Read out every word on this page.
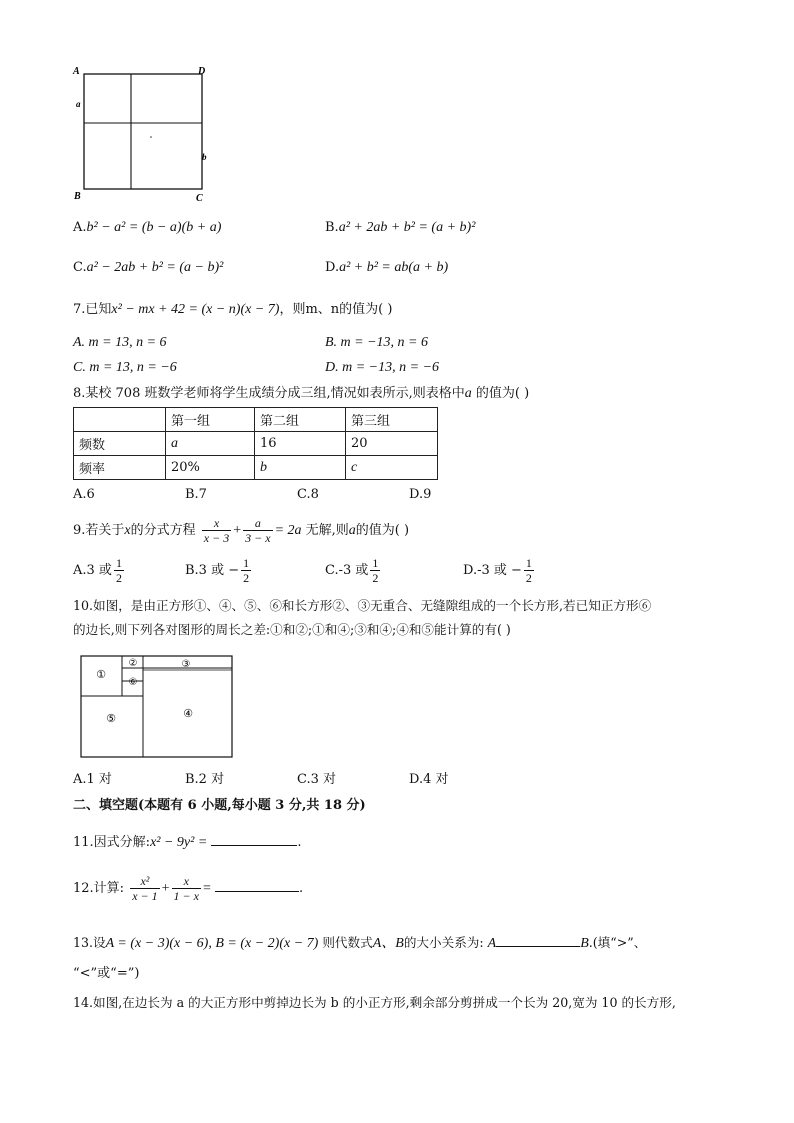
A	D
B	C
a
b
A.b² − a² = (b − a)(b + a)	B.a² + 2ab + b² = (a + b)²
C.a² − 2ab + b² = (a − b)²	D.a² + b² = ab(a + b)
7.已知x² − mx + 42 = (x − n)(x − 7)，则m、n的值为( )
A. m = 13, n = 6	B. m = −13, n = 6
C. m = 13, n = −6	D. m = −13, n = −6
8.某校 708 班数学老师将学生成绩分成三组,情况如表所示,则表格中a 的值为( )
	第一组	第二组	第三组
频数	a	16	20
频率	20%	b	c
A.6	B.7	C.8	D.9
9.若关于x的分式方程 $\frac{x}{x - 3} + \frac{a}{3 - x} = 2a$ 无解,则a的值为( )
A.3 或 $\frac{1}{2}$	B.3 或 − $\frac{1}{2}$	C.-3 或 $\frac{1}{2}$	D.-3 或 − $\frac{1}{2}$
10.如图，是由正方形①、④、⑤、⑥和长方形②、③无重合、无缝隙组成的一个长方形,若已知正方形⑥
的边长,则下列各对图形的周长之差:①和②;①和④;③和④;④和⑤能计算的有( )
①
②	③
⑥
⑤	④
A.1 对	B.2 对	C.3 对	D.4 对
二、填空题(本题有 6 小题,每小题 3 分,共 18 分)
11.因式分解:x² − 9y² =	.
12.计算: $\frac{\text{x²}}{x - 1} + \frac{x}{1 - x}$ =	.
13.设A = (x − 3)(x − 6), B = (x − 2)(x − 7) 则代数式A、B的大小关系为: A	B.(填“>”、
“<”或“=”)
14.如图,在边长为 a 的大正方形中剪掉边长为 b 的小正方形,剩余部分剪拼成一个长为 20,宽为 10 的长方形,
